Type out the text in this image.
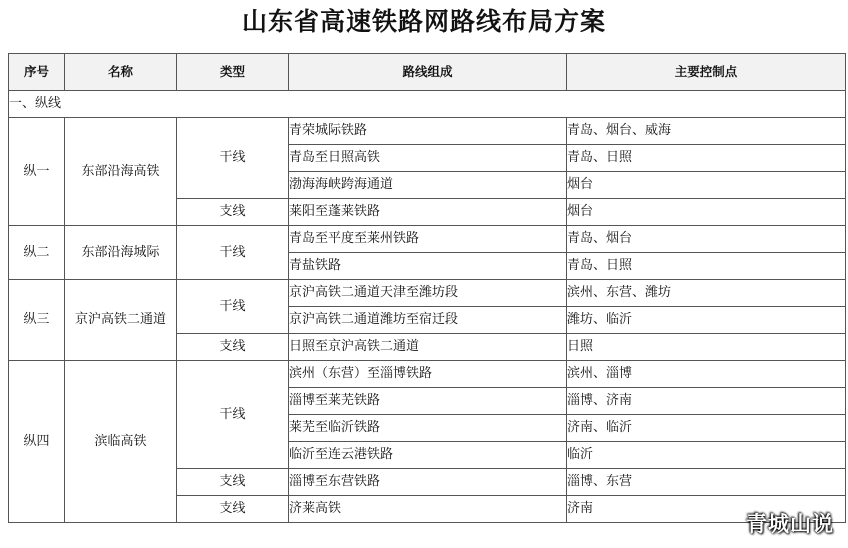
山东省高速铁路网路线布局方案
序号	名称	类型	路线组成	主要控制点
一、纵线				
纵一	东部沿海高铁	干线	青荣城际铁路	青岛、烟台、威海
			青岛至日照高铁	青岛、日照
			渤海海峡跨海通道	烟台
		支线	莱阳至蓬莱铁路	烟台
纵二	东部沿海城际	干线	青岛至平度至莱州铁路	青岛、烟台
			青盐铁路	青岛、日照
纵三	京沪高铁二通道	干线	京沪高铁二通道天津至潍坊段	滨州、东营、潍坊
			京沪高铁二通道潍坊至宿迁段	潍坊、临沂
		支线	日照至京沪高铁二通道	日照
纵四	滨临高铁	干线	滨州（东营）至淄博铁路	滨州、淄博
			淄博至莱芜铁路	淄博、济南
			莱芜至临沂铁路	济南、临沂
			临沂至连云港铁路	临沂
		支线	淄博至东营铁路	淄博、东营
		支线	济莱高铁	济南
青城山说
